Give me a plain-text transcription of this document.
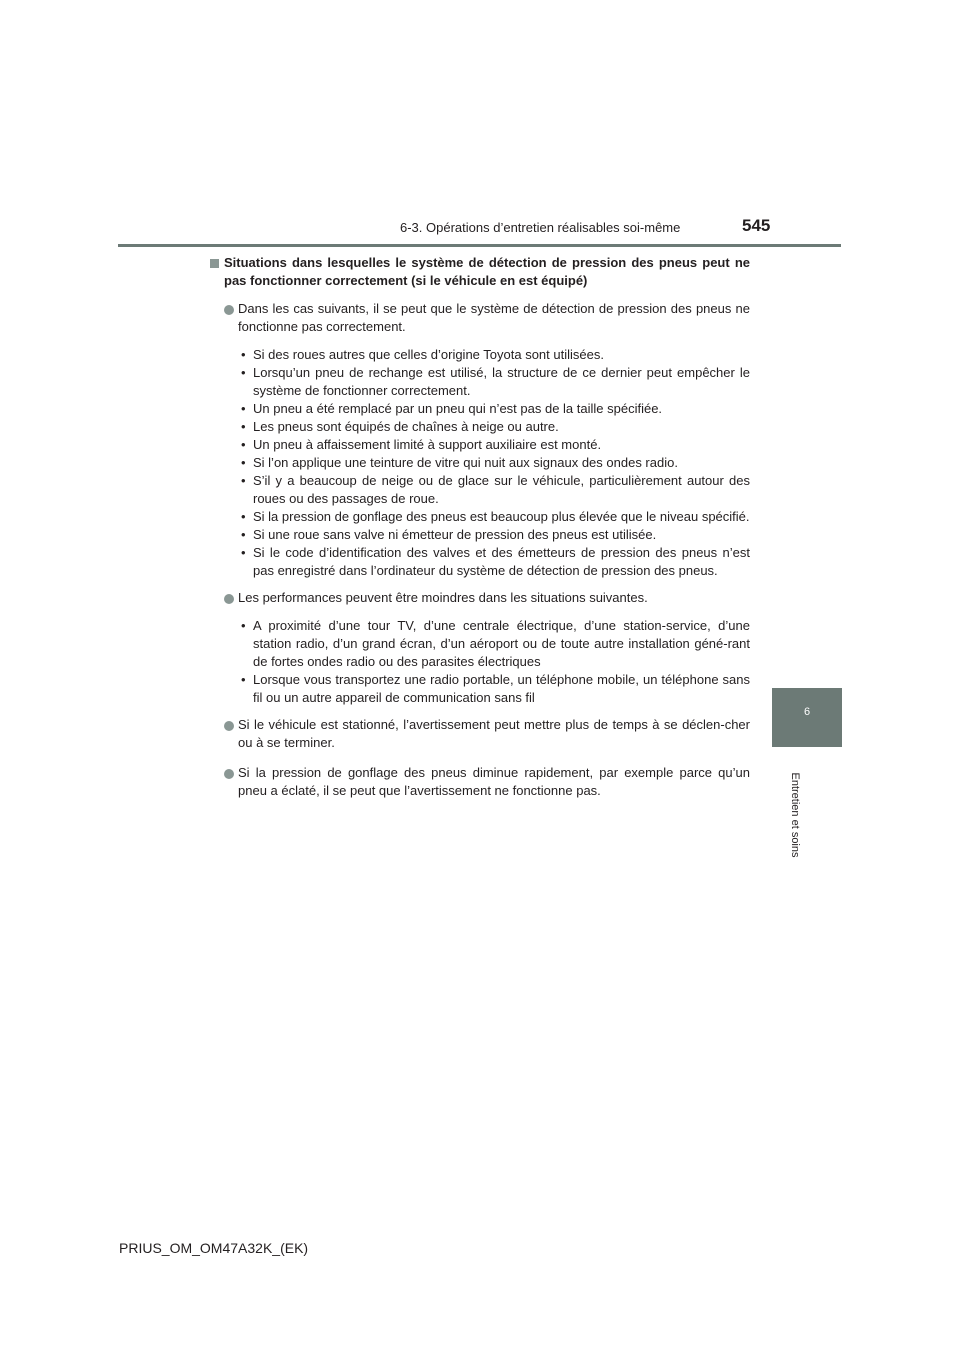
6-3. Opérations d’entretien réalisables soi-même	545
6
Entretien et soins
Situations dans lesquelles le système de détection de pression des pneus peut ne pas fonctionner correctement (si le véhicule en est équipé)
Dans les cas suivants, il se peut que le système de détection de pression des pneus ne fonctionne pas correctement.
• Si des roues autres que celles d’origine Toyota sont utilisées.
• Lorsqu’un pneu de rechange est utilisé, la structure de ce dernier peut empêcher le système de fonctionner correctement.
• Un pneu a été remplacé par un pneu qui n’est pas de la taille spécifiée.
• Les pneus sont équipés de chaînes à neige ou autre.
• Un pneu à affaissement limité à support auxiliaire est monté.
• Si l’on applique une teinture de vitre qui nuit aux signaux des ondes radio.
• S’il y a beaucoup de neige ou de glace sur le véhicule, particulièrement autour des roues ou des passages de roue.
• Si la pression de gonflage des pneus est beaucoup plus élevée que le niveau spécifié.
• Si une roue sans valve ni émetteur de pression des pneus est utilisée.
• Si le code d’identification des valves et des émetteurs de pression des pneus n’est pas enregistré dans l’ordinateur du système de détection de pression des pneus.
Les performances peuvent être moindres dans les situations suivantes.
• A proximité d’une tour TV, d’une centrale électrique, d’une station-service, d’une station radio, d’un grand écran, d’un aéroport ou de toute autre installation géné-rant de fortes ondes radio ou des parasites électriques
• Lorsque vous transportez une radio portable, un téléphone mobile, un téléphone sans fil ou un autre appareil de communication sans fil
Si le véhicule est stationné, l’avertissement peut mettre plus de temps à se déclen-cher ou à se terminer.
Si la pression de gonflage des pneus diminue rapidement, par exemple parce qu’un pneu a éclaté, il se peut que l’avertissement ne fonctionne pas.
PRIUS_OM_OM47A32K_(EK)
